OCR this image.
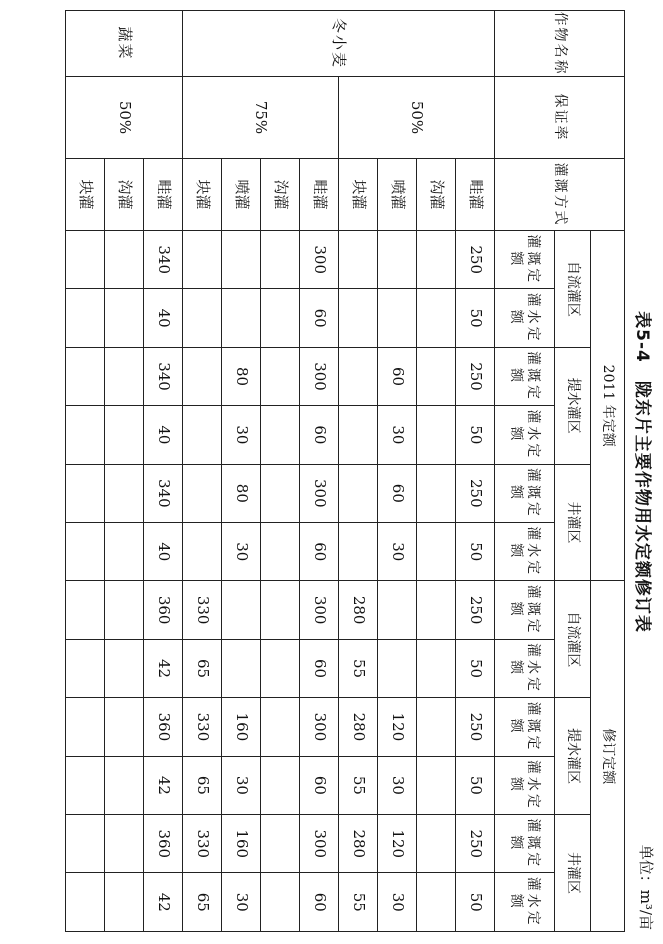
表5-4　陇东片主要作物用水定额修订表
单位：m³/亩
作物名称	保证率	灌溉方式	2011 年定额						修订定额					
			自流灌区		提水灌区		井灌区		自流灌区		提水灌区		井灌区	
			灌溉定额	灌水定额	灌溉定额	灌水定额	灌溉定额	灌水定额	灌溉定额	灌水定额	灌溉定额	灌水定额	灌溉定额	灌水定额
冬小麦	50%	畦灌	250	50	250	50	250	50	250	50	250	50	250	50
		沟灌												
		喷灌			60	30	60	30			120	30	120	30
		块灌							280	55	280	55	280	55
	75%	畦灌	300	60	300	60	300	60	300	60	300	60	300	60
		沟灌												
		喷灌			80	30	80	30			160	30	160	30
		块灌							330	65	330	65	330	65
蔬菜	50%	畦灌	340	40	340	40	340	40	360	42	360	42	360	42
		沟灌												
		块灌												
